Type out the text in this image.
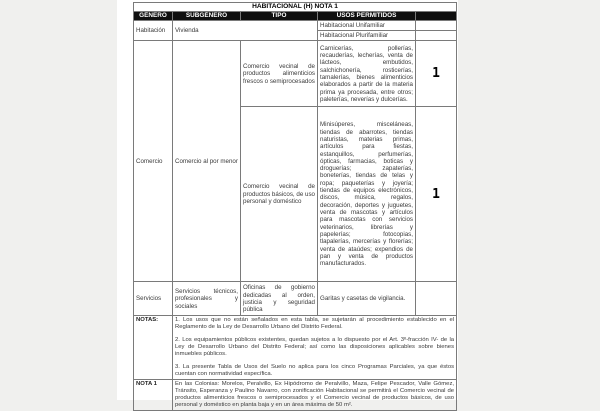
HABITACIONAL (H) NOTA 1				
GÉNERO	SUBGÉNERO	TIPO	USOS PERMITIDOS	
Habitación	Vivienda		Habitacional Unifamiliar	
			Habitacional Plurifamiliar	
Comercio	Comercio al por menor	Comercio vecinal de productos alimenticios frescos o semiprocesados	Carnicerías, pollerías, recauderías, lecherías, venta de lácteos, embutidos, salchichonería, rosticerías, tamalerías, bienes alimenticios elaborados a partir de la materia prima ya procesada, entre otros; paleterías, neverías y dulcerías.	1
		Comercio vecinal de productos básicos, de uso personal y doméstico	Minisúperes, misceláneas, tiendas de abarrotes, tiendas naturistas, materias primas, artículos para fiestas, estanquillos, perfumerías, ópticas, farmacias, boticas y droguerías; zapaterías, boneterías, tiendas de telas y ropa; paqueterías y joyería; tiendas de equipos electrónicos, discos, música, regalos, decoración, deportes y juguetes, venta de mascotas y artículos para mascotas con servicios veterinarios, librerías y papelerías; fotocopias, tlapalerías, mercerías y florerías; venta de ataúdes; expendios de pan y venta de productos manufacturados.	1
Servicios	Servicios técnicos, profesionales y sociales	Oficinas de gobierno dedicadas al orden, justicia y seguridad pública	Garitas y casetas de vigilancia.	
NOTAS:	1. Los usos que no están señalados en esta tabla, se sujetarán al procedimiento establecido en el Reglamento de la Ley de Desarrollo Urbano del Distrito Federal.

2. Los equipamientos públicos existentes, quedan sujetos a lo dispuesto por el Art. 3º-fracción IV- de la Ley de Desarrollo Urbano del Distrito Federal; así como las disposiciones aplicables sobre bienes inmuebles públicos.

3. La presente Tabla de Usos del Suelo no aplica para los cinco Programas Parciales, ya que éstos cuentan con normatividad específica.			

NOTA 1	En las Colonias: Morelos, Peralvillo, Ex Hipódromo de Peralvillo, Maza, Felipe Pescador, Valle Gómez, Tránsito, Esperanza y Paulino Navarro, con zonificación Habitacional se permitirá el Comercio vecinal de productos alimenticios frescos o semiprocesados y el Comercio vecinal de productos básicos, de uso personal y doméstico en planta baja y en un área máxima de 50 m².			
